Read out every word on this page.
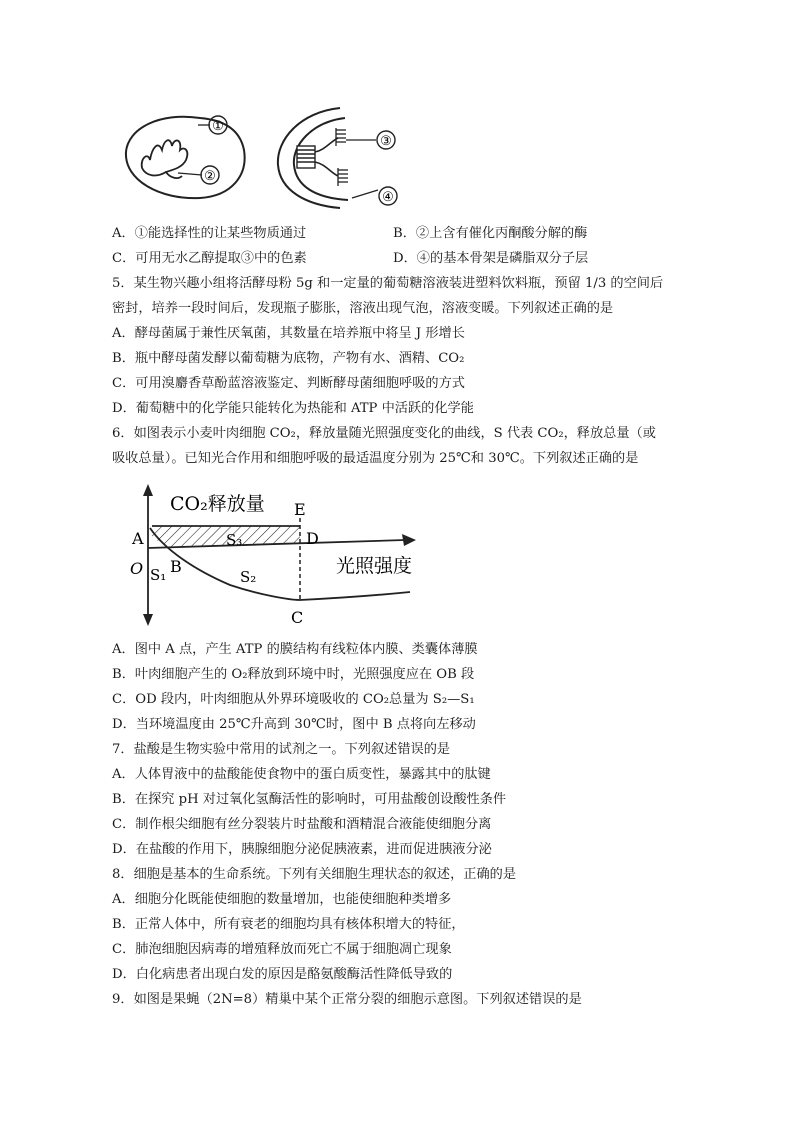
①
②
③
④
A．①能选择性的让某些物质通过	B．②上含有催化丙酮酸分解的酶
C．可用无水乙醇提取③中的色素	D．④的基本骨架是磷脂双分子层
5．某生物兴趣小组将活酵母粉 5g 和一定量的葡萄糖溶液装进塑料饮料瓶，预留 1/3 的空间后
密封，培养一段时间后，发现瓶子膨胀，溶液出现气泡，溶液变暖。下列叙述正确的是
A．酵母菌属于兼性厌氧菌，其数量在培养瓶中将呈 J 形增长
B．瓶中酵母菌发酵以葡萄糖为底物，产物有水、酒精、CO₂
C．可用溴麝香草酚蓝溶液鉴定、判断酵母菌细胞呼吸的方式
D．葡萄糖中的化学能只能转化为热能和 ATP 中活跃的化学能
6．如图表示小麦叶肉细胞 CO₂，释放量随光照强度变化的曲线，S 代表 CO₂，释放总量（或
吸收总量）。已知光合作用和细胞呼吸的最适温度分别为 25℃和 30℃。下列叙述正确的是
CO₂释放量
光照强度
A
B
C
D
E
O S₁	S₂
S₃
A．图中 A 点，产生 ATP 的膜结构有线粒体内膜、类囊体薄膜
B．叶肉细胞产生的 O₂释放到环境中时，光照强度应在 OB 段
C．OD 段内，叶肉细胞从外界环境吸收的 CO₂总量为 S₂—S₁
D．当环境温度由 25℃升高到 30℃时，图中 B 点将向左移动
7．盐酸是生物实验中常用的试剂之一。下列叙述错误的是
A．人体胃液中的盐酸能使食物中的蛋白质变性，暴露其中的肽键
B．在探究 pH 对过氧化氢酶活性的影响时，可用盐酸创设酸性条件
C．制作根尖细胞有丝分裂装片时盐酸和酒精混合液能使细胞分离
D．在盐酸的作用下，胰腺细胞分泌促胰液素，进而促进胰液分泌
8．细胞是基本的生命系统。下列有关细胞生理状态的叙述，正确的是
A．细胞分化既能使细胞的数量增加，也能使细胞种类增多
B．正常人体中，所有衰老的细胞均具有核体积增大的特征，
C．肺泡细胞因病毒的增殖释放而死亡不属于细胞凋亡现象
D．白化病患者出现白发的原因是酪氨酸酶活性降低导致的
9．如图是果蝇（2N=8）精巢中某个正常分裂的细胞示意图。下列叙述错误的是
